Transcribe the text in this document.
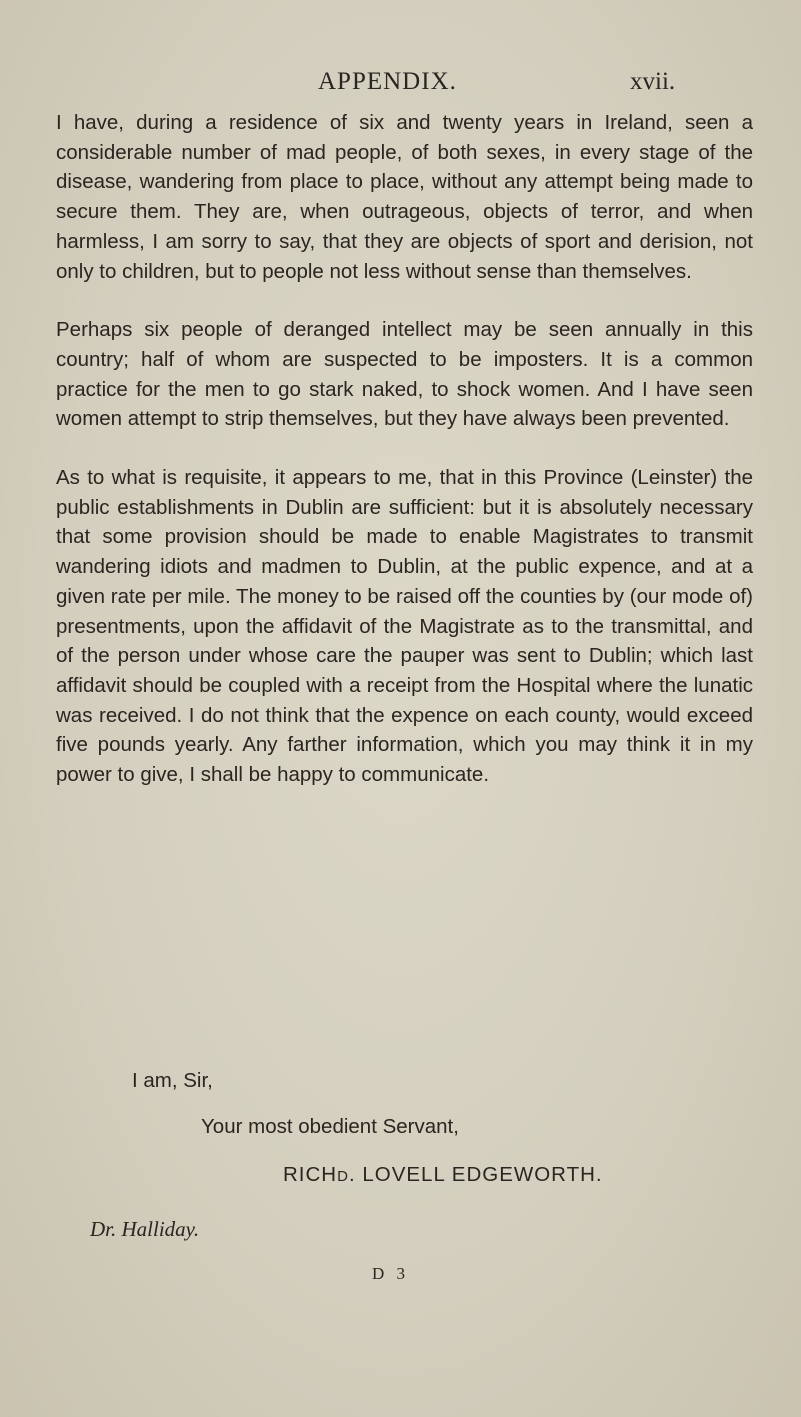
APPENDIX.	xvii.

I have, during a residence of six and twenty years in Ireland, seen a considerable number of mad people, of both sexes, in every stage of the disease, wandering from place to place, without any attempt being made to secure them. They are, when outrageous, objects of terror, and when harmless, I am sorry to say, that they are objects of sport and derision, not only to children, but to people not less without sense than themselves.

Perhaps six people of deranged intellect may be seen annually in this country; half of whom are suspected to be imposters. It is a common practice for the men to go stark naked, to shock women. And I have seen women attempt to strip themselves, but they have always been prevented.

As to what is requisite, it appears to me, that in this Province (Leinster) the public establishments in Dublin are sufficient: but it is absolutely necessary that some provision should be made to enable Magistrates to transmit wandering idiots and madmen to Dublin, at the public expence, and at a given rate per mile. The money to be raised off the counties by (our mode of) presentments, upon the affidavit of the Magistrate as to the transmittal, and of the person under whose care the pauper was sent to Dublin; which last affidavit should be coupled with a receipt from the Hospital where the lunatic was received. I do not think that the expence on each county, would exceed five pounds yearly. Any farther information, which you may think it in my power to give, I shall be happy to communicate.

I am, Sir,
Your most obedient Servant,
RICHD. LOVELL EDGEWORTH.
Dr. Halliday.
D 3
